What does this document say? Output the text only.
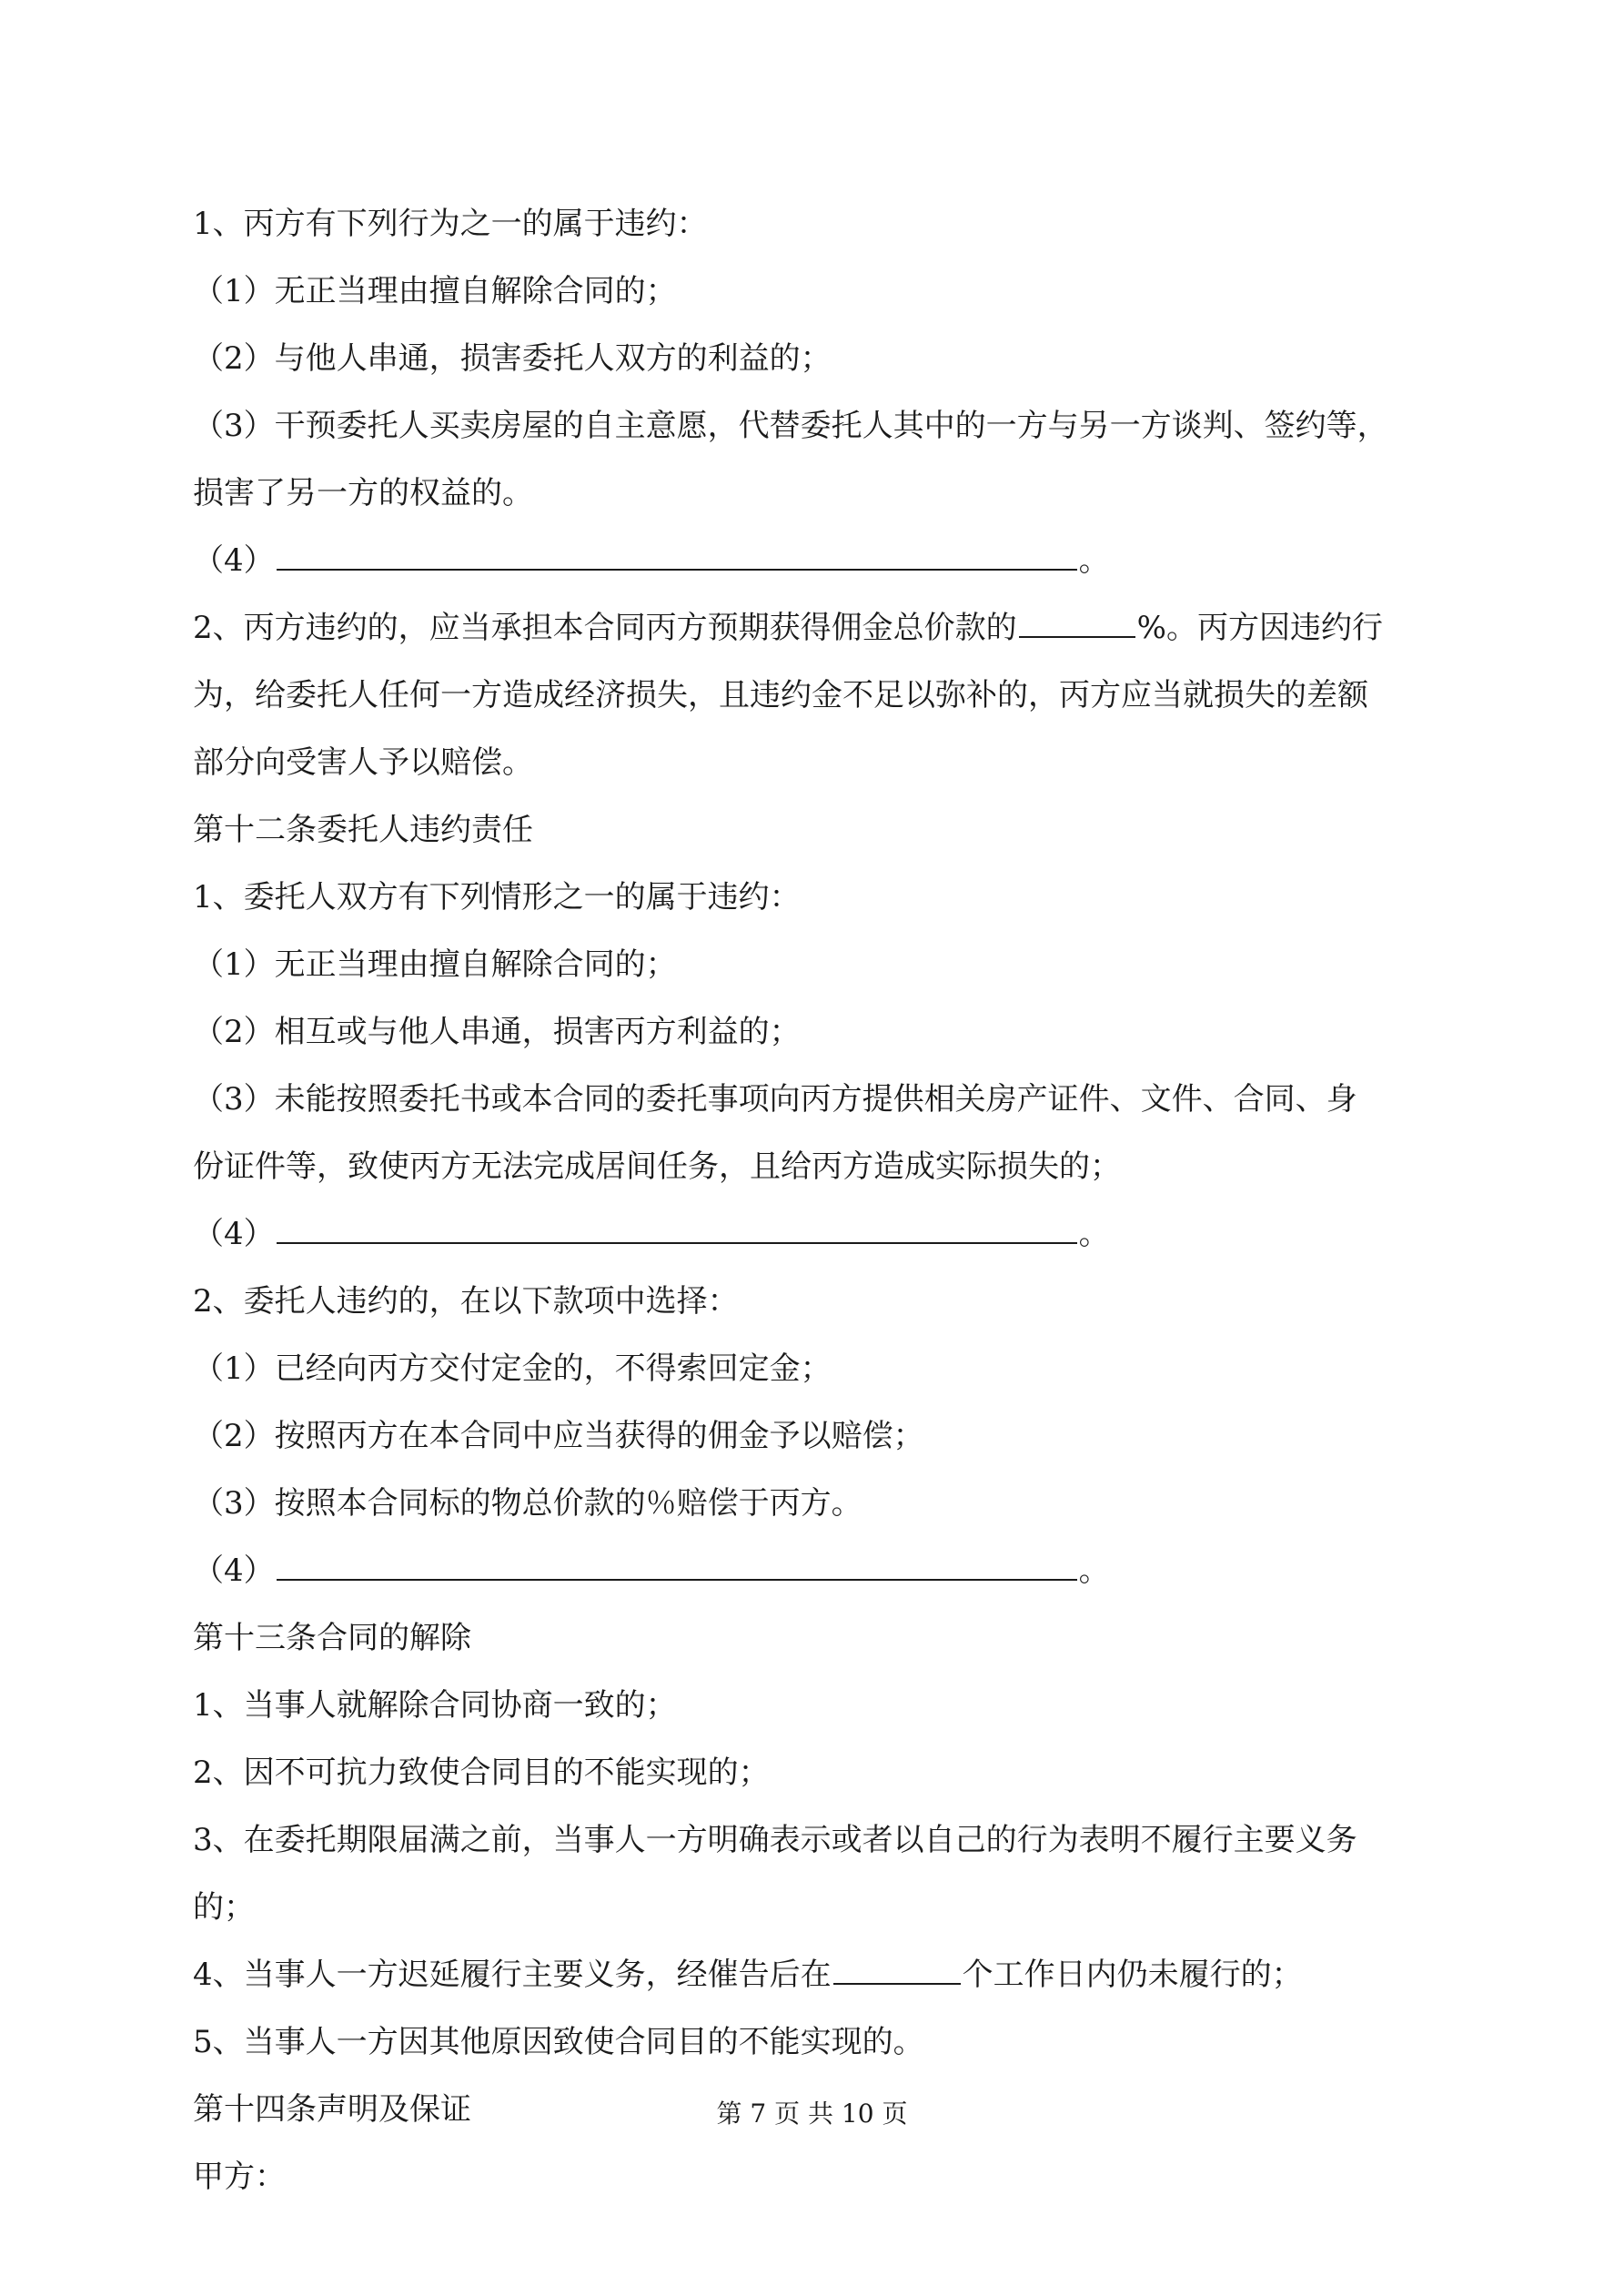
1、丙方有下列行为之一的属于违约：
（1）无正当理由擅自解除合同的；
（2）与他人串通，损害委托人双方的利益的；
（3）干预委托人买卖房屋的自主意愿，代替委托人其中的一方与另一方谈判、签约等，
损害了另一方的权益的。
（4）	。
2、丙方违约的，应当承担本合同丙方预期获得佣金总价款的	%。丙方因违约行
为，给委托人任何一方造成经济损失，且违约金不足以弥补的，丙方应当就损失的差额
部分向受害人予以赔偿。
第十二条委托人违约责任
1、委托人双方有下列情形之一的属于违约：
（1）无正当理由擅自解除合同的；
（2）相互或与他人串通，损害丙方利益的；
（3）未能按照委托书或本合同的委托事项向丙方提供相关房产证件、文件、合同、身
份证件等，致使丙方无法完成居间任务，且给丙方造成实际损失的；
（4）	。
2、委托人违约的，在以下款项中选择：
（1）已经向丙方交付定金的，不得索回定金；
（2）按照丙方在本合同中应当获得的佣金予以赔偿；
（3）按照本合同标的物总价款的％赔偿于丙方。
（4）	。
第十三条合同的解除
1、当事人就解除合同协商一致的；
2、因不可抗力致使合同目的不能实现的；
3、在委托期限届满之前，当事人一方明确表示或者以自己的行为表明不履行主要义务
的；
4、当事人一方迟延履行主要义务，经催告后在	个工作日内仍未履行的；
5、当事人一方因其他原因致使合同目的不能实现的。
第十四条声明及保证
甲方：
第 7 页 共 10 页
